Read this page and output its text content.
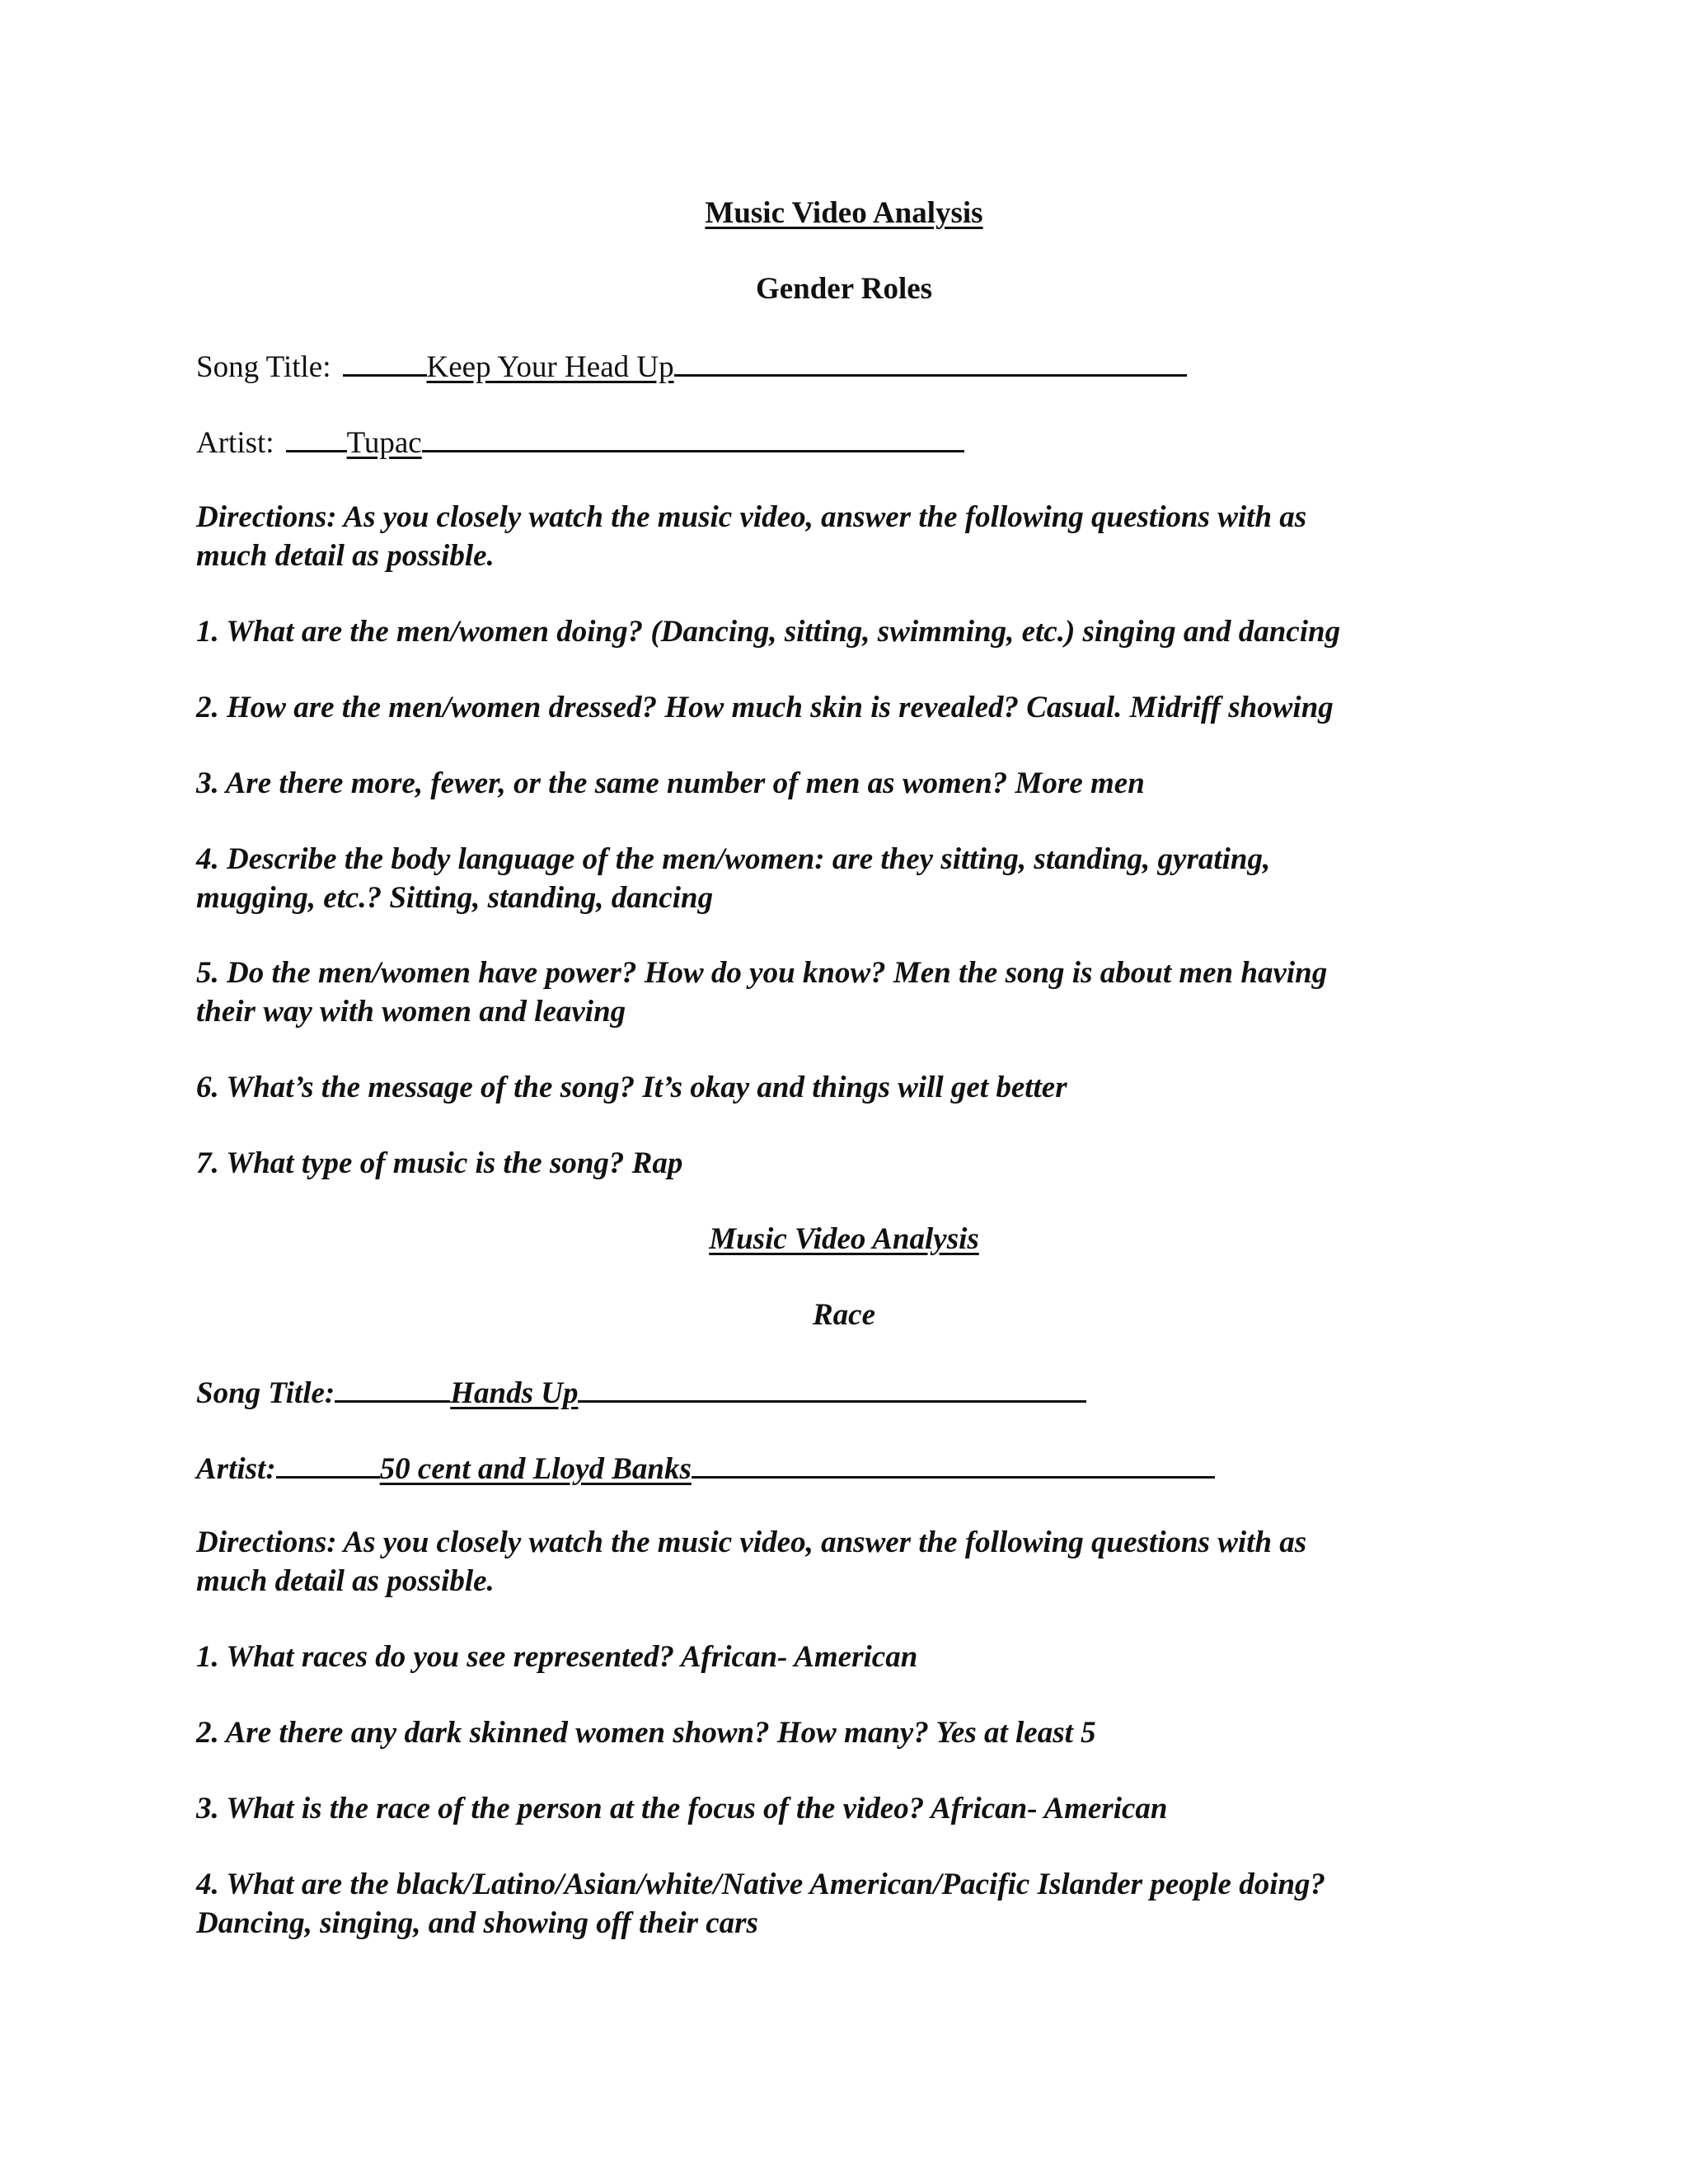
Music Video Analysis
Gender Roles
Song Title:	Keep Your Head Up
Artist: Tupac
Directions: As you closely watch the music video, answer the following questions with as
much detail as possible.
1. What are the men/women doing? (Dancing, sitting, swimming, etc.) singing and dancing
2. How are the men/women dressed? How much skin is revealed? Casual. Midriff showing
3. Are there more, fewer, or the same number of men as women? More men
4. Describe the body language of the men/women: are they sitting, standing, gyrating,
mugging, etc.? Sitting, standing, dancing
5. Do the men/women have power? How do you know? Men the song is about men having
their way with women and leaving
6. What’s the message of the song? It’s okay and things will get better
7. What type of music is the song? Rap
Music Video Analysis
Race
Song Title:	Hands Up
Artist:	50 cent and Lloyd Banks
Directions: As you closely watch the music video, answer the following questions with as
much detail as possible.
1. What races do you see represented? African- American
2. Are there any dark skinned women shown? How many? Yes at least 5
3. What is the race of the person at the focus of the video? African- American
4. What are the black/Latino/Asian/white/Native American/Pacific Islander people doing?
Dancing, singing, and showing off their cars
